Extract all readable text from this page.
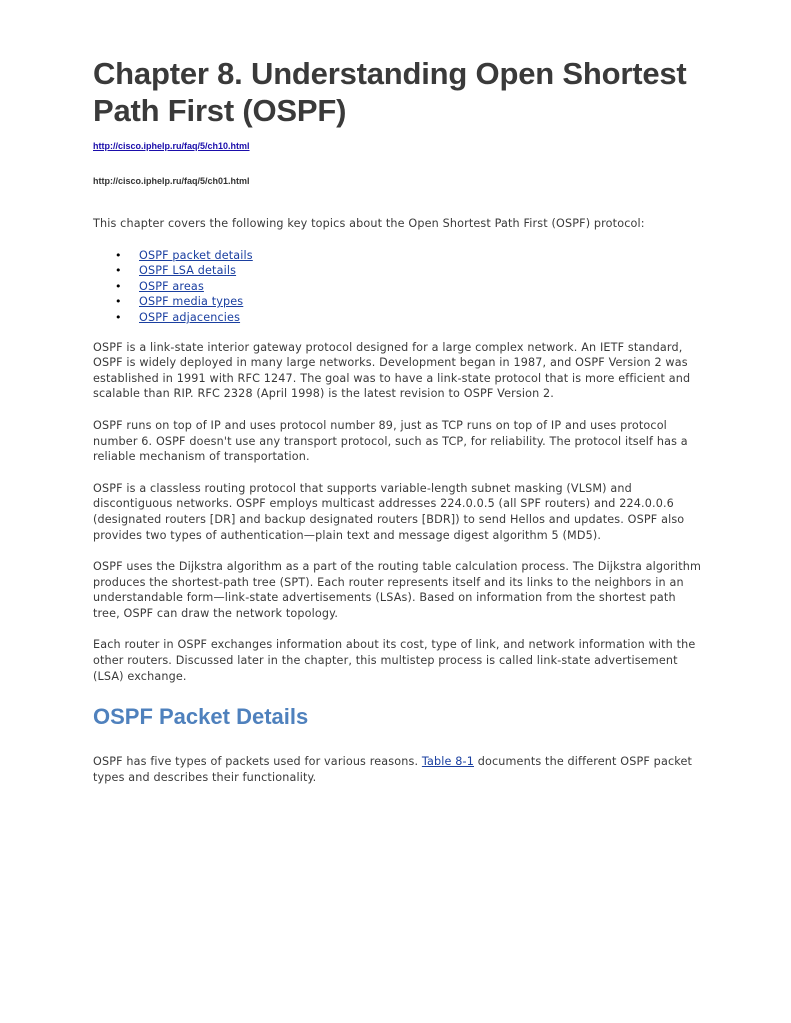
Chapter 8. Understanding Open Shortest Path First (OSPF)
http://cisco.iphelp.ru/faq/5/ch10.html
http://cisco.iphelp.ru/faq/5/ch01.html

This chapter covers the following key topics about the Open Shortest Path First (OSPF) protocol:

• OSPF packet details
• OSPF LSA details
• OSPF areas
• OSPF media types
• OSPF adjacencies

OSPF is a link-state interior gateway protocol designed for a large complex network. An IETF standard, OSPF is widely deployed in many large networks. Development began in 1987, and OSPF Version 2 was established in 1991 with RFC 1247. The goal was to have a link-state protocol that is more efficient and scalable than RIP. RFC 2328 (April 1998) is the latest revision to OSPF Version 2.

OSPF runs on top of IP and uses protocol number 89, just as TCP runs on top of IP and uses protocol number 6. OSPF doesn't use any transport protocol, such as TCP, for reliability. The protocol itself has a reliable mechanism of transportation.

OSPF is a classless routing protocol that supports variable-length subnet masking (VLSM) and discontiguous networks. OSPF employs multicast addresses 224.0.0.5 (all SPF routers) and 224.0.0.6 (designated routers [DR] and backup designated routers [BDR]) to send Hellos and updates. OSPF also provides two types of authentication—plain text and message digest algorithm 5 (MD5).

OSPF uses the Dijkstra algorithm as a part of the routing table calculation process. The Dijkstra algorithm produces the shortest-path tree (SPT). Each router represents itself and its links to the neighbors in an understandable form—link-state advertisements (LSAs). Based on information from the shortest path tree, OSPF can draw the network topology.

Each router in OSPF exchanges information about its cost, type of link, and network information with the other routers. Discussed later in the chapter, this multistep process is called link-state advertisement (LSA) exchange.

OSPF Packet Details

OSPF has five types of packets used for various reasons. Table 8-1 documents the different OSPF packet types and describes their functionality.
